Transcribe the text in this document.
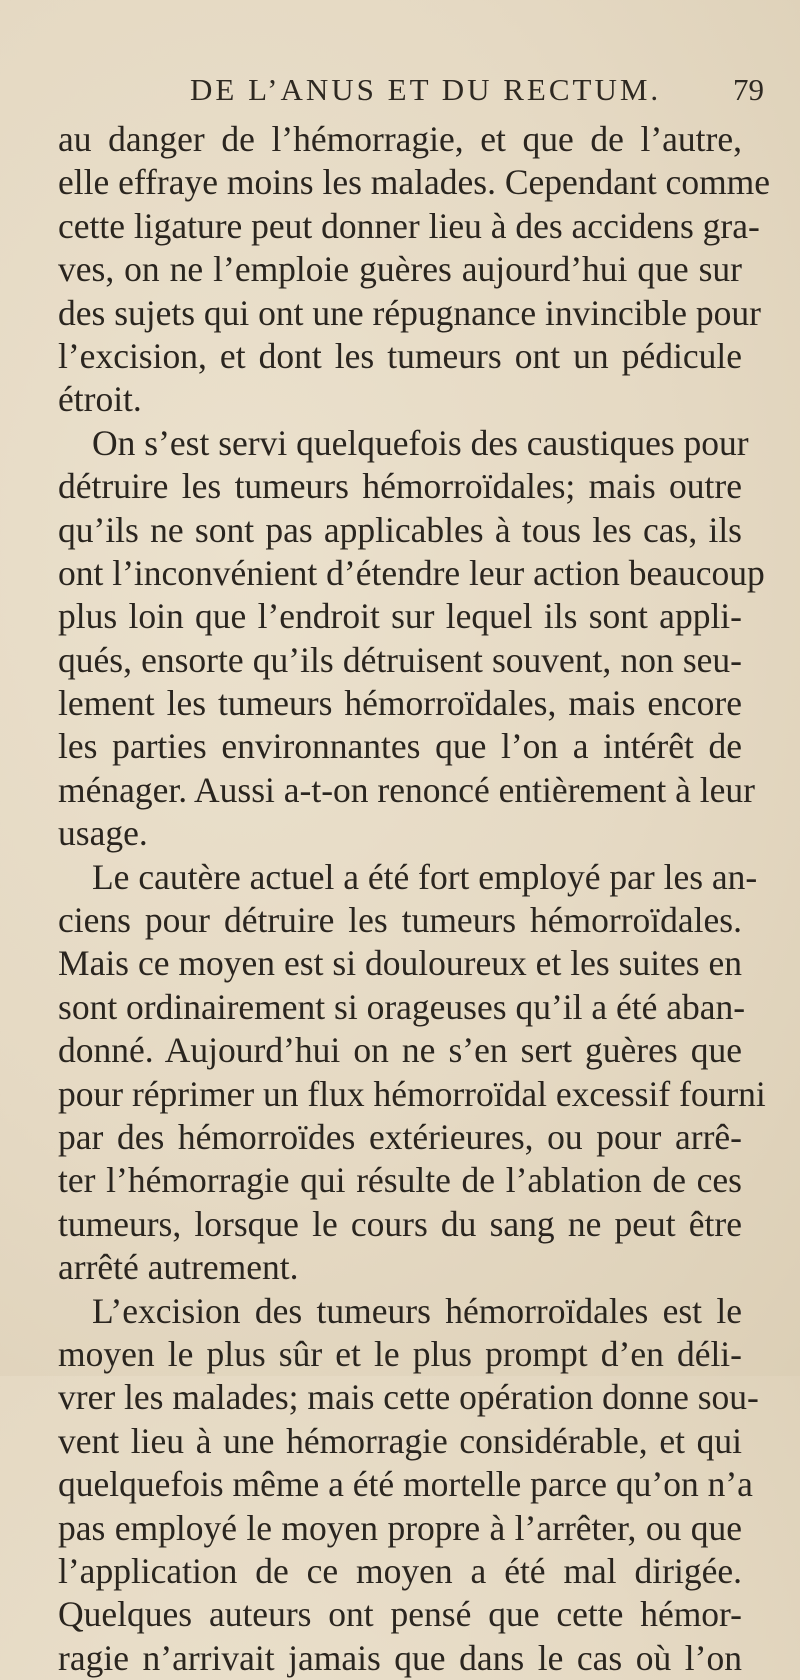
DE L’ANUS ET DU RECTUM. 79
au danger de l’hémorragie, et que de l’autre,
elle effraye moins les malades. Cependant comme
cette ligature peut donner lieu à des accidens gra-
ves, on ne l’emploie guères aujourd’hui que sur
des sujets qui ont une répugnance invincible pour
l’excision, et dont les tumeurs ont un pédicule
étroit.
On s’est servi quelquefois des caustiques pour
détruire les tumeurs hémorroïdales; mais outre
qu’ils ne sont pas applicables à tous les cas, ils
ont l’inconvénient d’étendre leur action beaucoup
plus loin que l’endroit sur lequel ils sont appli-
qués, ensorte qu’ils détruisent souvent, non seu-
lement les tumeurs hémorroïdales, mais encore
les parties environnantes que l’on a intérêt de
ménager. Aussi a-t-on renoncé entièrement à leur
usage.
Le cautère actuel a été fort employé par les an-
ciens pour détruire les tumeurs hémorroïdales.
Mais ce moyen est si douloureux et les suites en
sont ordinairement si orageuses qu’il a été aban-
donné. Aujourd’hui on ne s’en sert guères que
pour réprimer un flux hémorroïdal excessif fourni
par des hémorroïdes extérieures, ou pour arrê-
ter l’hémorragie qui résulte de l’ablation de ces
tumeurs, lorsque le cours du sang ne peut être
arrêté autrement.
L’excision des tumeurs hémorroïdales est le
moyen le plus sûr et le plus prompt d’en déli-
vrer les malades; mais cette opération donne sou-
vent lieu à une hémorragie considérable, et qui
quelquefois même a été mortelle parce qu’on n’a
pas employé le moyen propre à l’arrêter, ou que
l’application de ce moyen a été mal dirigée.
Quelques auteurs ont pensé que cette hémor-
ragie n’arrivait jamais que dans le cas où l’on
